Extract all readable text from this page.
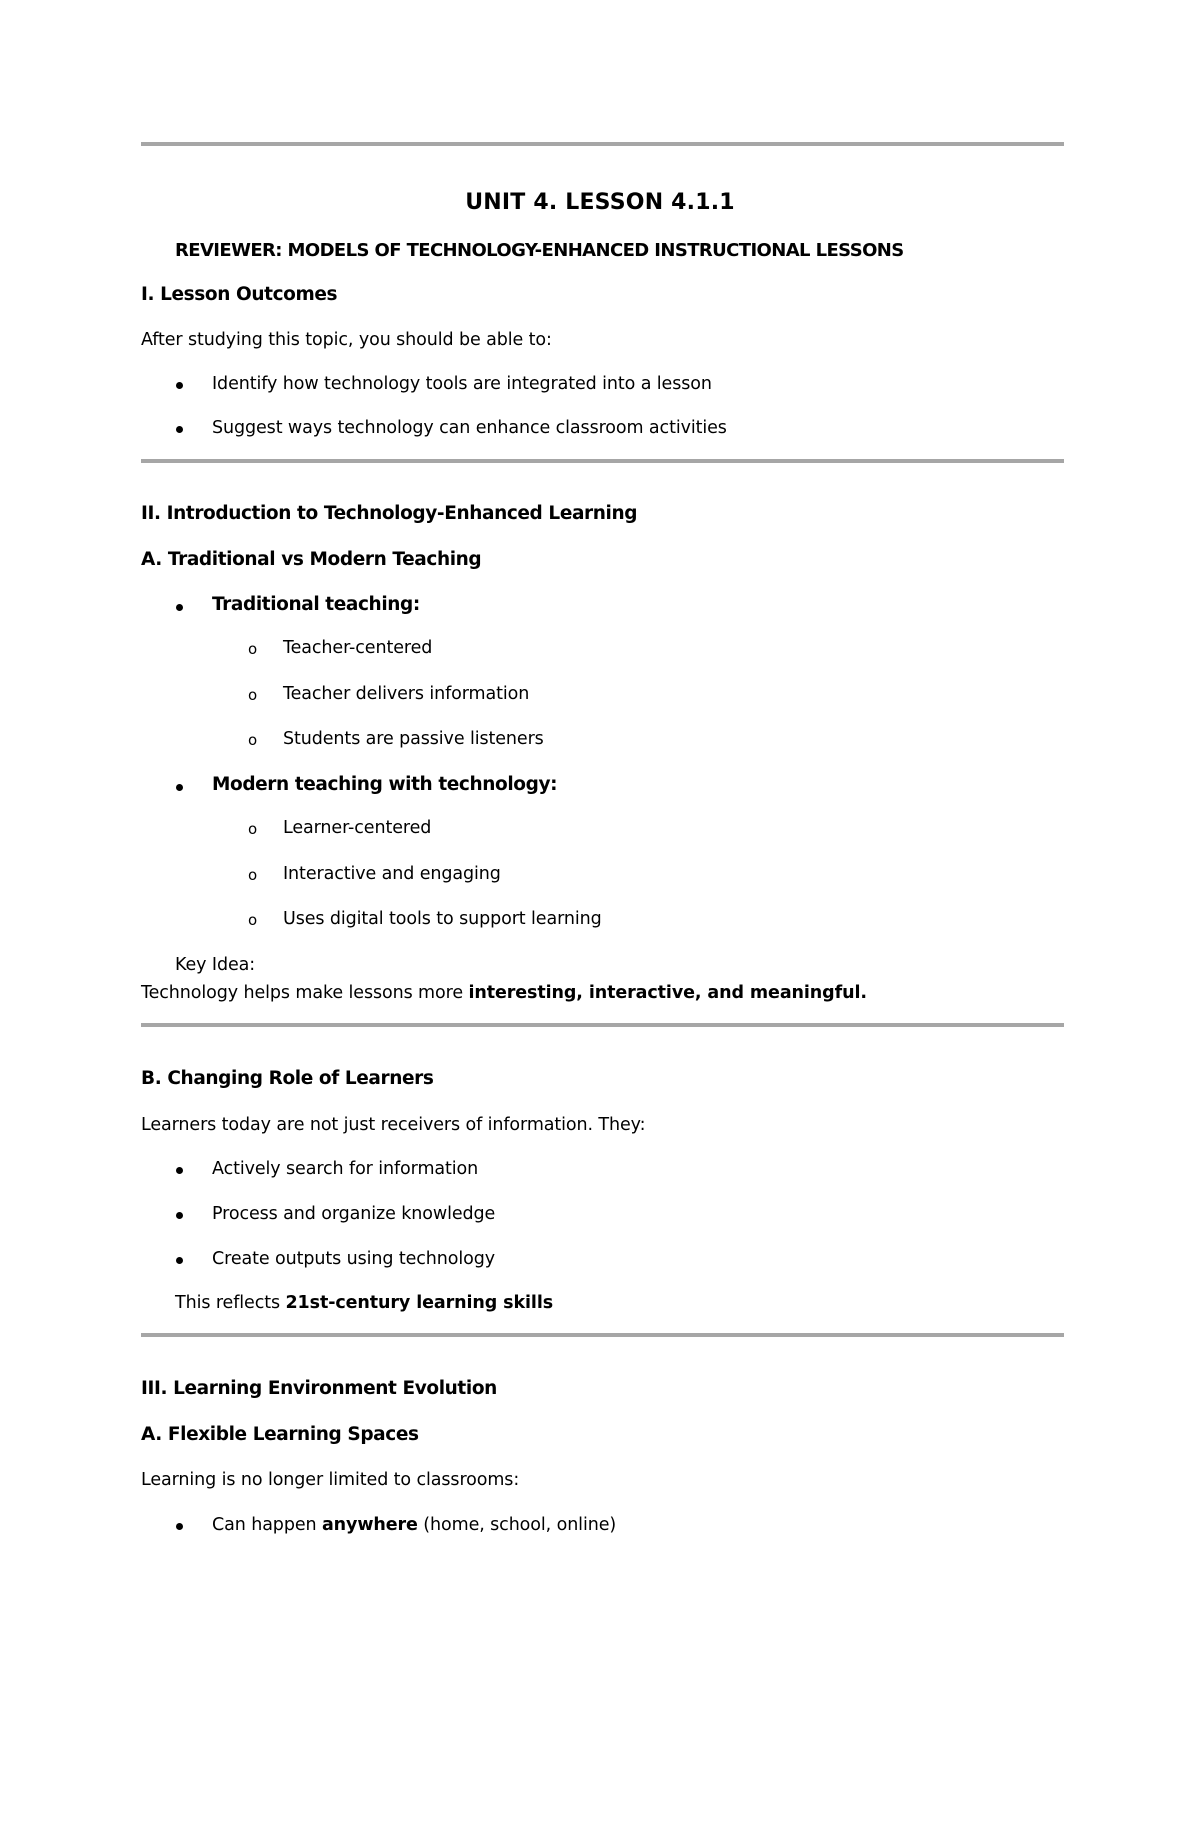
UNIT 4. LESSON 4.1.1
REVIEWER: MODELS OF TECHNOLOGY-ENHANCED INSTRUCTIONAL LESSONS
I. Lesson Outcomes
After studying this topic, you should be able to:
Identify how technology tools are integrated into a lesson
Suggest ways technology can enhance classroom activities
II. Introduction to Technology-Enhanced Learning
A. Traditional vs Modern Teaching
Traditional teaching:
o Teacher-centered
o Teacher delivers information
o Students are passive listeners
Modern teaching with technology:
o Learner-centered
o Interactive and engaging
o Uses digital tools to support learning
Key Idea:
Technology helps make lessons more interesting, interactive, and meaningful.
B. Changing Role of Learners
Learners today are not just receivers of information. They:
Actively search for information
Process and organize knowledge
Create outputs using technology
This reflects 21st-century learning skills
III. Learning Environment Evolution
A. Flexible Learning Spaces
Learning is no longer limited to classrooms:
Can happen anywhere (home, school, online)
